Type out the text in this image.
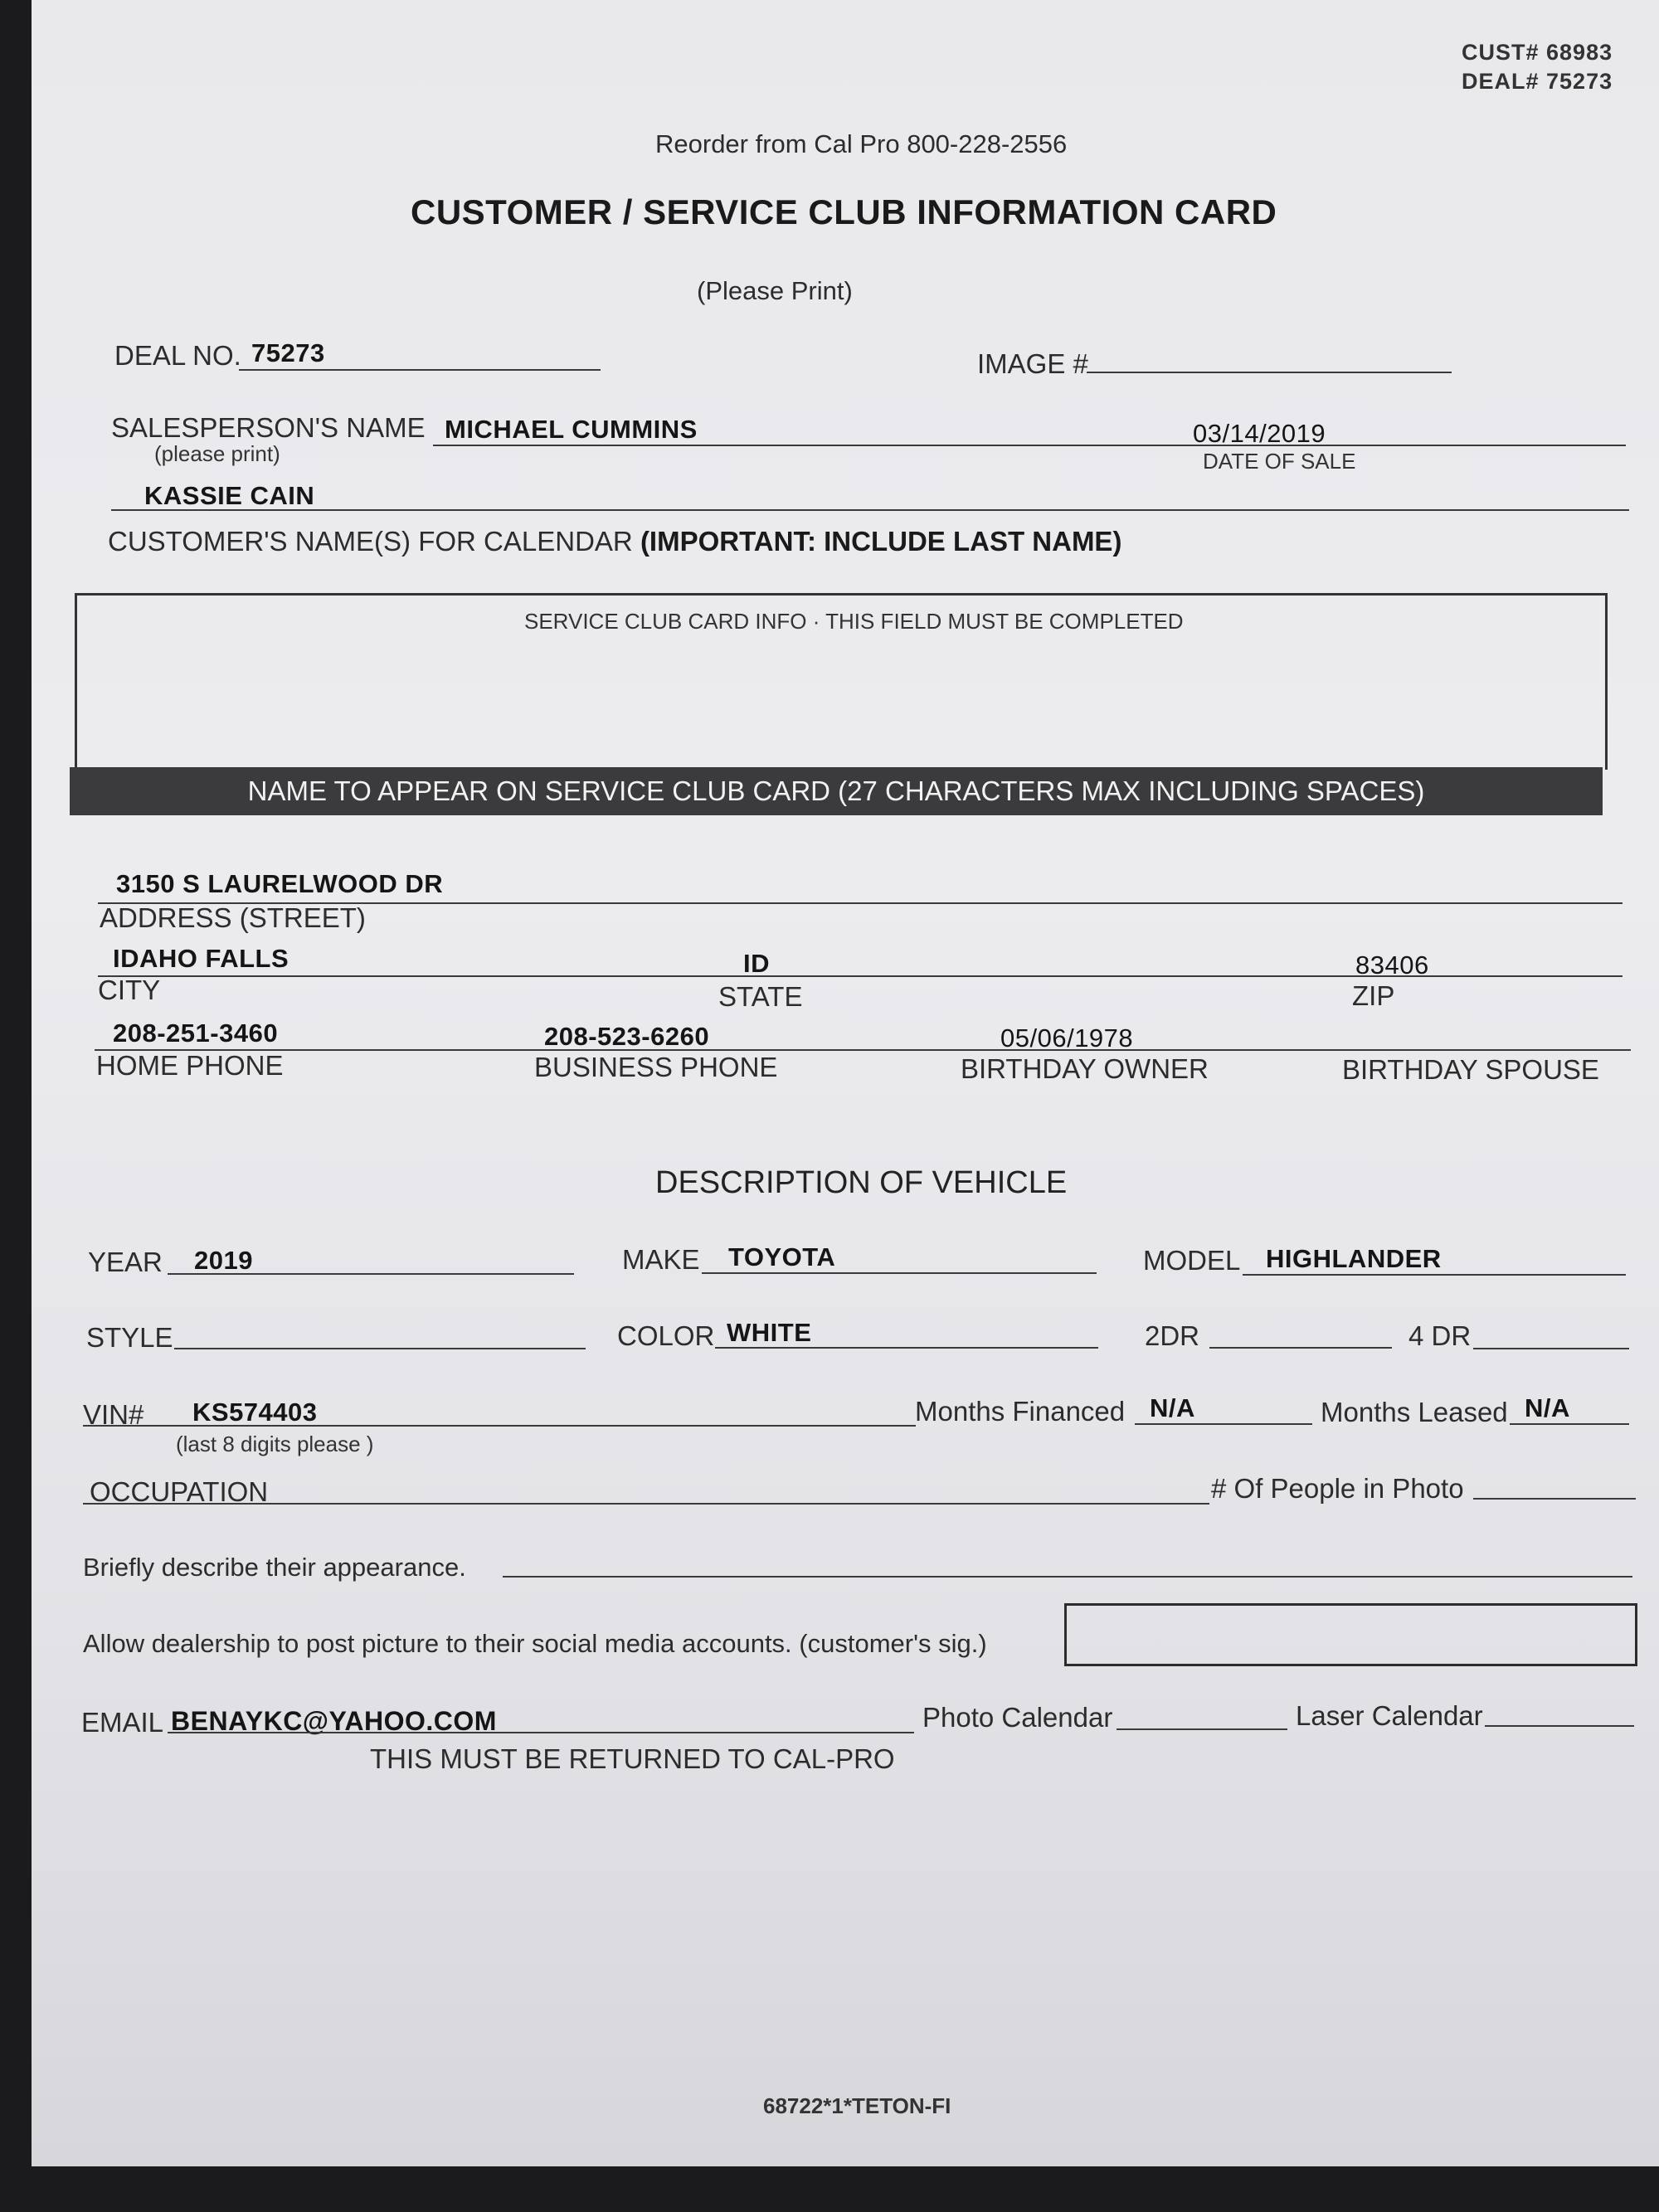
CUST# 68983
DEAL# 75273
Reorder from Cal Pro 800-228-2556
CUSTOMER / SERVICE CLUB INFORMATION CARD
(Please Print)
DEAL NO. 75273	IMAGE #
SALESPERSON'S NAME
(please print)
MICHAEL CUMMINS	03/14/2019
DATE OF SALE
KASSIE CAIN
CUSTOMER'S NAME(S) FOR CALENDAR (IMPORTANT: INCLUDE LAST NAME)
SERVICE CLUB CARD INFO · THIS FIELD MUST BE COMPLETED
NAME TO APPEAR ON SERVICE CLUB CARD (27 CHARACTERS MAX INCLUDING SPACES)
3150 S LAURELWOOD DR
ADDRESS (STREET)
IDAHO FALLS	ID	83406
CITY	STATE	ZIP
208-251-3460	208-523-6260	05/06/1978
HOME PHONE	BUSINESS PHONE	BIRTHDAY OWNER	BIRTHDAY SPOUSE
DESCRIPTION OF VEHICLE
YEAR 2019	MAKE TOYOTA	MODEL HIGHLANDER
STYLE	COLOR WHITE	2DR	4 DR
VIN# KS574403
(last 8 digits please )
Months Financed N/A	Months Leased N/A
OCCUPATION	# Of People in Photo
Briefly describe their appearance.
Allow dealership to post picture to their social media accounts. (customer's sig.)
EMAIL BENAYKC@YAHOO.COM	Photo Calendar	Laser Calendar
THIS MUST BE RETURNED TO CAL-PRO
68722*1*TETON-FI
